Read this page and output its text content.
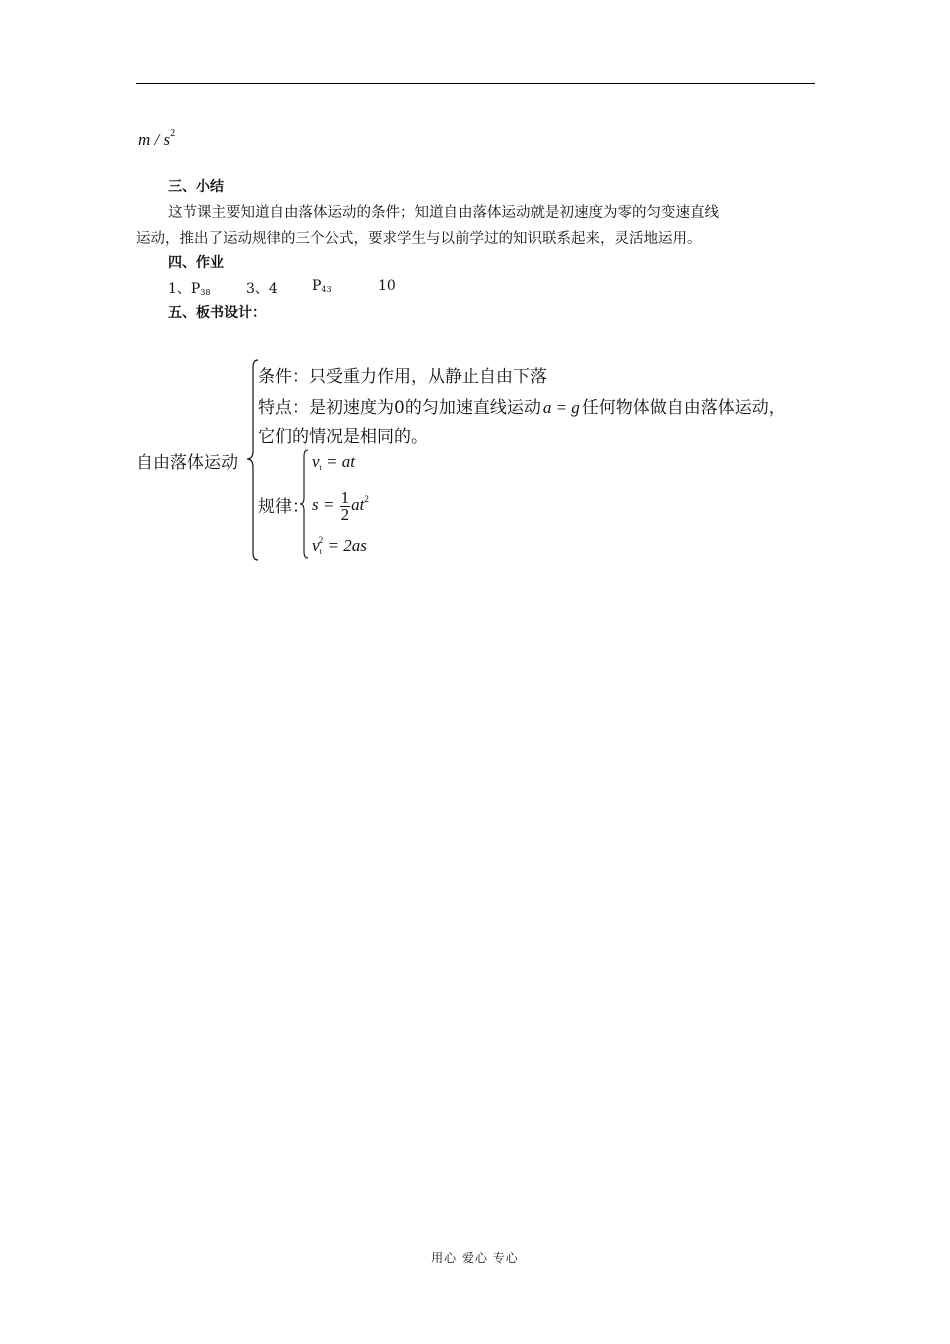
m / $s^2$
三、小结
这节课主要知道自由落体运动的条件；知道自由落体运动就是初速度为零的匀变速直线
运动，推出了运动规律的三个公式，要求学生与以前学过的知识联系起来，灵活地运用。
四、作业
1、$P_{38}$	3、4 $P_{43}$	10
五、板书设计：
自由落体运动
条件：只受重力作用，从静止自由下落
特点：是初速度为0的匀加速直线运动 a = g 任何物体做自由落体运动，
它们的情况是相同的。
规律：
vt = at
$s = \frac{1}{2} at^2$
$vt^2 = 2as$
用心 爱心 专心
